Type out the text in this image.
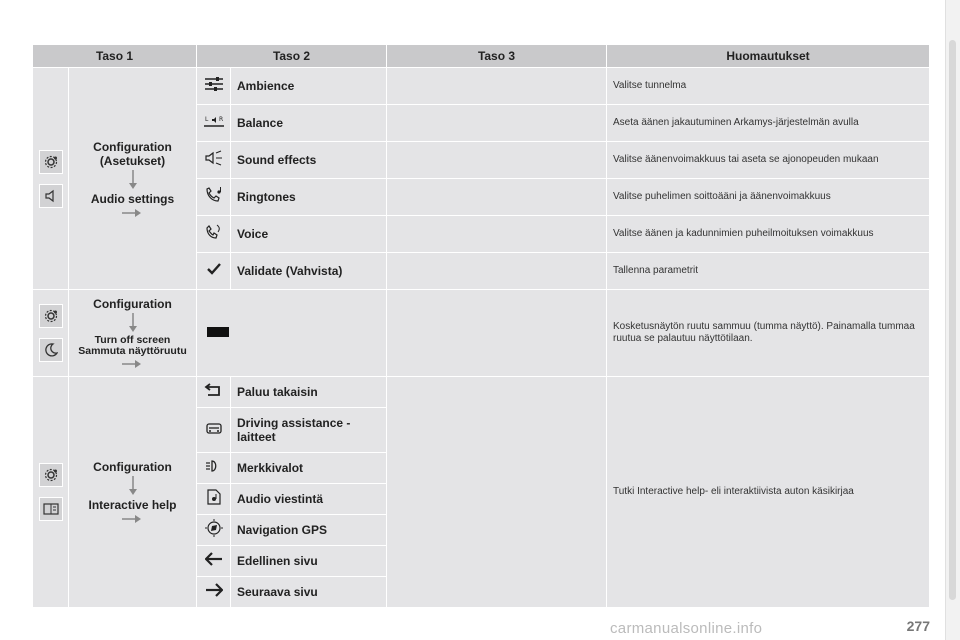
Taso 1		Taso 2		Taso 3	Huomautukset

Configuration
(Asetukset)
Audio settings		Ambience		Valitse tunnelma

L R	Balance		Aseta äänen jakautuminen Arkamys-järjestelmän avulla
	Sound effects		Valitse äänenvoimakkuus tai aseta se ajonopeuden mukaan
	Ringtones		Valitse puhelimen soittoääni ja äänenvoimakkuus
	Voice		Valitse äänen ja kadunnimien puheilmoituksen voimakkuus
	Validate (Vahvista)		Tallenna parametrit

Configuration
Turn off screen
Sammuta näyttöruutu				Kosketusnäytön ruutu sammuu (tumma näyttö). Painamalla tummaa ruutua se palautuu näyttötilaan.

Configuration
Interactive help		Paluu takaisin		Tutki Interactive help- eli interaktiivista auton käsikirjaa
	Driving assistance - laitteet		
	Merkkivalot		
	Audio viestintä		
	Navigation GPS		
	Edellinen sivu		
	Seuraava sivu		
277
carmanualsonline.info
